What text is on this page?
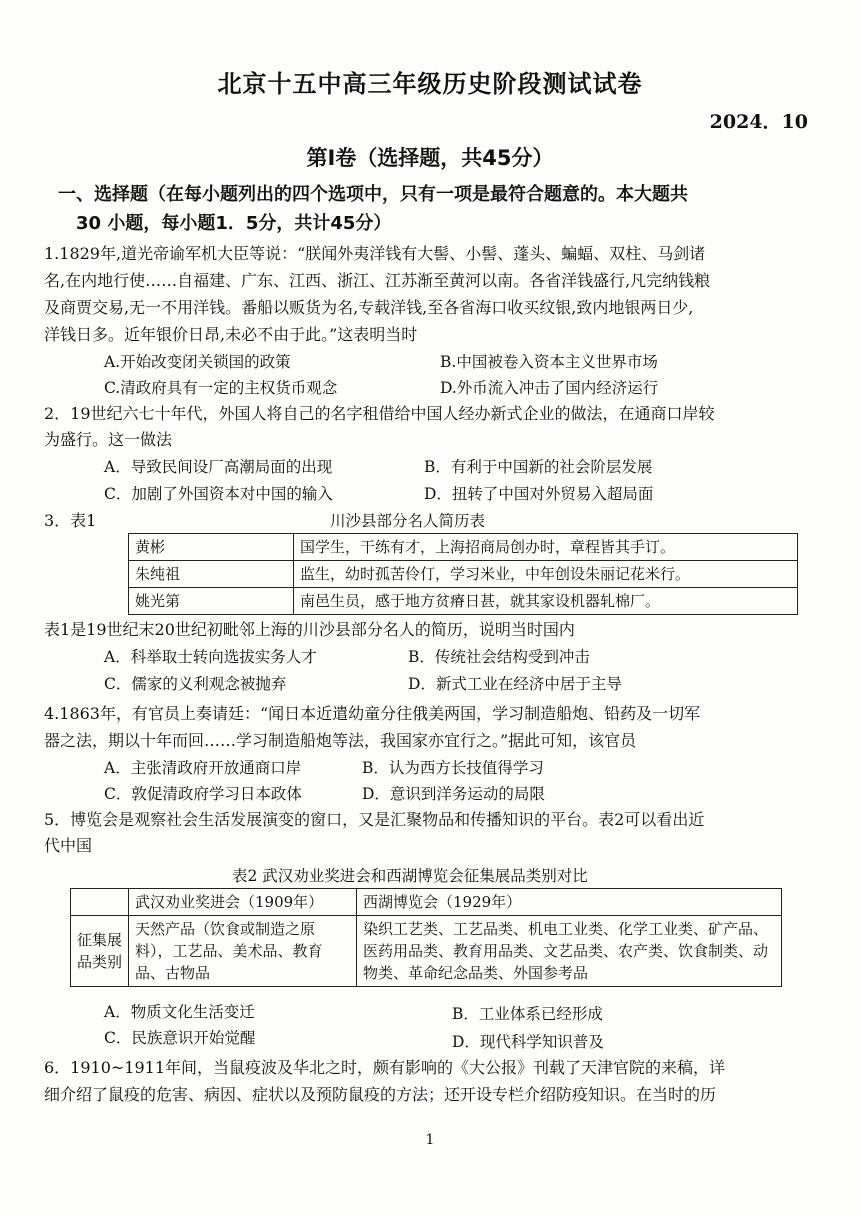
北京十五中高三年级历史阶段测试试卷
2024．10
第Ⅰ卷（选择题，共45分）
一、选择题（在每小题列出的四个选项中，只有一项是最符合题意的。本大题共
30 小题，每小题1．5分，共计45分）
1.1829年,道光帝谕军机大臣等说：“朕闻外夷洋钱有大髻、小髻、蓬头、蝙蝠、双柱、马剑诸
名,在内地行使……自福建、广东、江西、浙江、江苏渐至黄河以南。各省洋钱盛行,凡完纳钱粮
及商贾交易,无一不用洋钱。番船以贩货为名,专载洋钱,至各省海口收买纹银,致内地银两日少,
洋钱日多。近年银价日昂,未必不由于此。”这表明当时
A.开始改变闭关锁国的政策	B.中国被卷入资本主义世界市场
C.清政府具有一定的主权货币观念	D.外币流入冲击了国内经济运行
2．19世纪六七十年代，外国人将自己的名字租借给中国人经办新式企业的做法，在通商口岸较
为盛行。这一做法
A．导致民间设厂高潮局面的出现	B．有利于中国新的社会阶层发展
C．加剧了外国资本对中国的输入	D．扭转了中国对外贸易入超局面
3．表1	川沙县部分名人简历表
黄彬	国学生，干练有才，上海招商局创办时，章程皆其手订。
朱纯祖	监生，幼时孤苦伶仃，学习米业，中年创设朱丽记花米行。
姚光第	南邑生员，感于地方贫瘠日甚，就其家设机器轧棉厂。
表1是19世纪末20世纪初毗邻上海的川沙县部分名人的简历，说明当时国内
A．科举取士转向选拔实务人才	B．传统社会结构受到冲击
C．儒家的义利观念被抛弃	D．新式工业在经济中居于主导
4.1863年，有官员上奏请廷：“闻日本近遣幼童分往俄美两国，学习制造船炮、铅药及一切军
器之法，期以十年而回……学习制造船炮等法，我国家亦宜行之。”据此可知，该官员
A．主张清政府开放通商口岸	B．认为西方长技值得学习
C．敦促清政府学习日本政体	D．意识到洋务运动的局限
5．博览会是观察社会生活发展演变的窗口，又是汇聚物品和传播知识的平台。表2可以看出近
代中国
表2 武汉劝业奖进会和西湖博览会征集展品类别对比
	武汉劝业奖进会（1909年）	西湖博览会（1929年）
征集展品类别	天然产品（饮食或制造之原料），工艺品、美术品、教育品、古物品	染织工艺类、工艺品类、机电工业类、化学工业类、矿产品、医药用品类、教育用品类、文艺品类、农产类、饮食制类、动物类、革命纪念品类、外国参考品
A．物质文化生活变迁	B．工业体系已经形成
C．民族意识开始觉醒	D．现代科学知识普及
6．1910~1911年间，当鼠疫波及华北之时，颇有影响的《大公报》刊载了天津官院的来稿，详
细介绍了鼠疫的危害、病因、症状以及预防鼠疫的方法；还开设专栏介绍防疫知识。在当时的历
1
